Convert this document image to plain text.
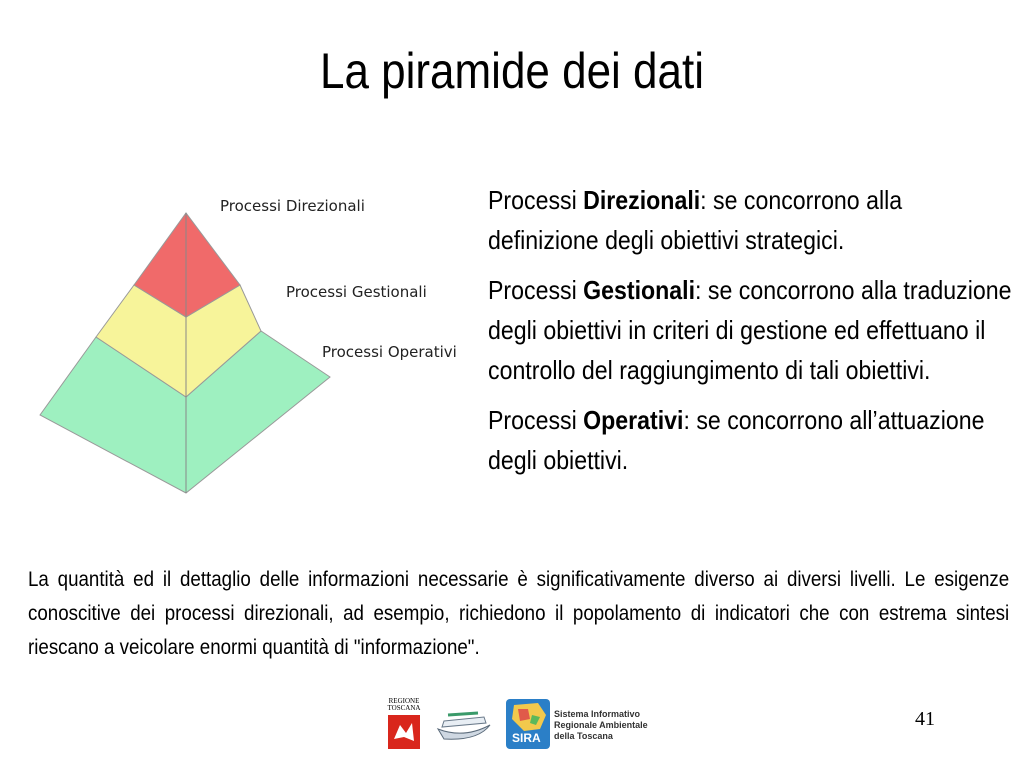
La piramide dei dati
Processi Direzionali
Processi Gestionali
Processi Operativi

Processi Direzionali: se concorrono alla definizione degli obiettivi strategici.

Processi Gestionali: se concorrono alla traduzione degli obiettivi in criteri di gestione ed effettuano il controllo del raggiungimento di tali obiettivi.

Processi Operativi: se concorrono all’attuazione degli obiettivi.

La quantità ed il dettaglio delle informazioni necessarie è significativamente diverso ai diversi livelli. Le esigenze conoscitive dei processi direzionali, ad esempio, richiedono il popolamento di indicatori che con estrema sintesi riescano a veicolare enormi quantità di "informazione".
REGIONE
TOSCANA
SIRA
Sistema Informativo
Regionale Ambientale
della Toscana
41
